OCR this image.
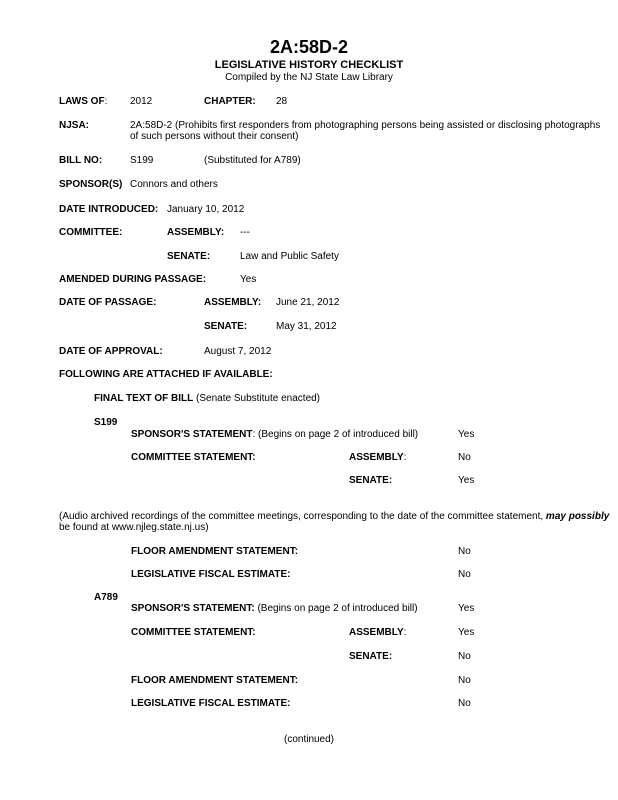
2A:58D-2
LEGISLATIVE HISTORY CHECKLIST
Compiled by the NJ State Law Library
LAWS OF: 2012	CHAPTER: 28
NJSA:	2A:58D-2 (Prohibits first responders from photographing persons being assisted or disclosing photographs
of such persons without their consent)
BILL NO:	S199	(Substituted for A789)
SPONSOR(S) Connors and others
DATE INTRODUCED: January 10, 2012
COMMITTEE:	ASSEMBLY: ---
SENATE:	Law and Public Safety
AMENDED DURING PASSAGE:	Yes
DATE OF PASSAGE:	ASSEMBLY: June 21, 2012
SENATE:	May 31, 2012
DATE OF APPROVAL:	August 7, 2012
FOLLOWING ARE ATTACHED IF AVAILABLE:
FINAL TEXT OF BILL (Senate Substitute enacted)
S199
SPONSOR'S STATEMENT: (Begins on page 2 of introduced bill)	Yes
COMMITTEE STATEMENT:	ASSEMBLY:	No
SENATE:	Yes
(Audio archived recordings of the committee meetings, corresponding to the date of the committee statement, may possibly
be found at www.njleg.state.nj.us)
FLOOR AMENDMENT STATEMENT:	No
LEGISLATIVE FISCAL ESTIMATE:	No
A789
SPONSOR'S STATEMENT: (Begins on page 2 of introduced bill)	Yes
COMMITTEE STATEMENT:	ASSEMBLY:	Yes
SENATE:	No
FLOOR AMENDMENT STATEMENT:	No
LEGISLATIVE FISCAL ESTIMATE:	No
(continued)
